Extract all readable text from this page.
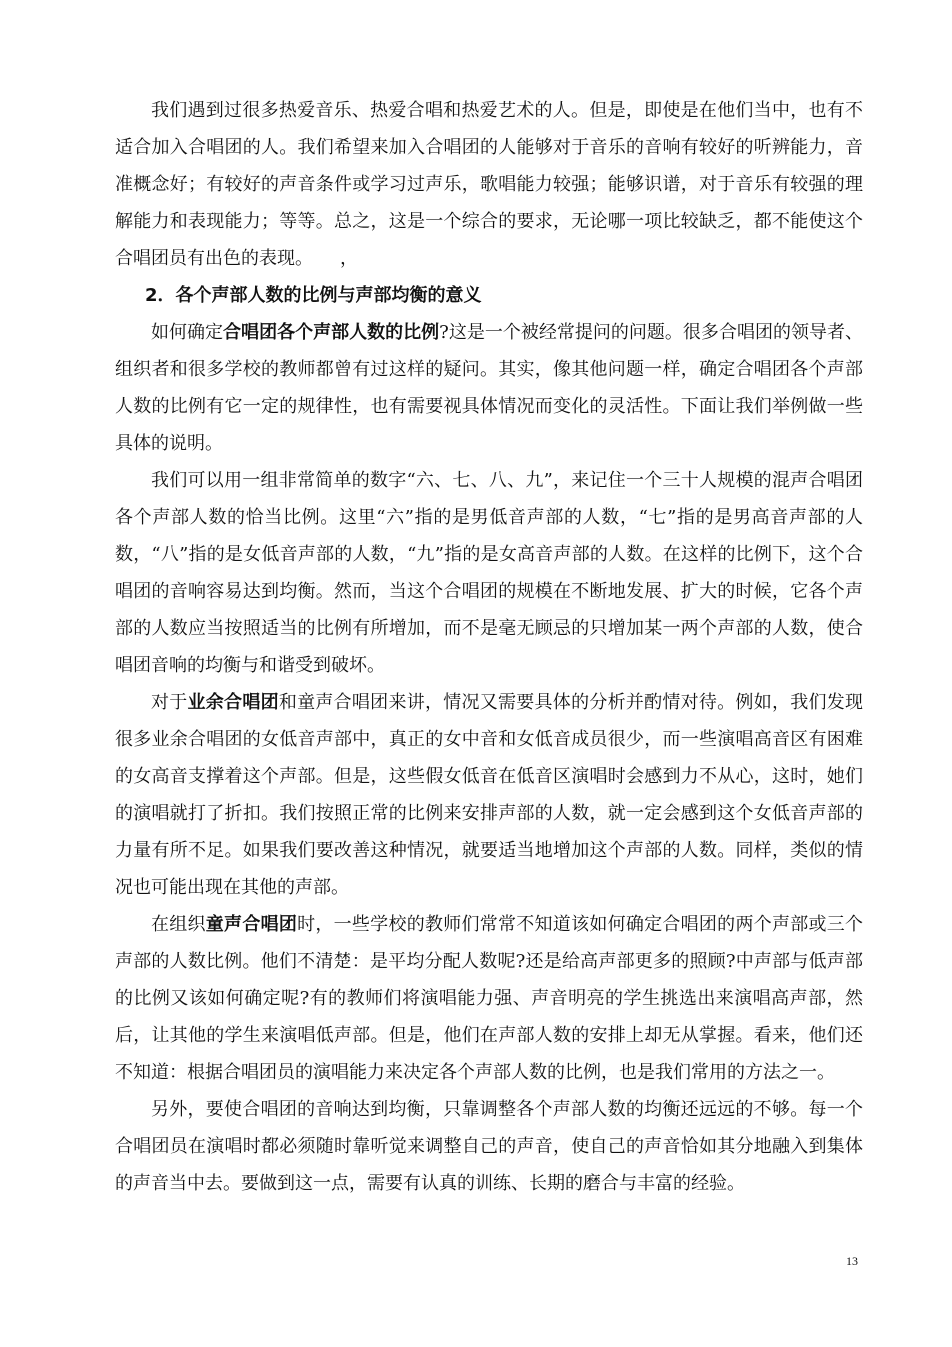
我们遇到过很多热爱音乐、热爱合唱和热爱艺术的人。但是，即使是在他们当中，也有不适合加入合唱团的人。我们希望来加入合唱团的人能够对于音乐的音响有较好的听辨能力，音准概念好；有较好的声音条件或学习过声乐，歌唱能力较强；能够识谱，对于音乐有较强的理解能力和表现能力；等等。总之，这是一个综合的要求，无论哪一项比较缺乏，都不能使这个合唱团员有出色的表现。　　，

2．各个声部人数的比例与声部均衡的意义

如何确定合唱团各个声部人数的比例?这是一个被经常提问的问题。很多合唱团的领导者、组织者和很多学校的教师都曾有过这样的疑问。其实，像其他问题一样，确定合唱团各个声部人数的比例有它一定的规律性，也有需要视具体情况而变化的灵活性。下面让我们举例做一些具体的说明。

我们可以用一组非常简单的数字“六、七、八、九”，来记住一个三十人规模的混声合唱团各个声部人数的恰当比例。这里“六”指的是男低音声部的人数，“七”指的是男高音声部的人数，“八”指的是女低音声部的人数，“九”指的是女高音声部的人数。在这样的比例下，这个合唱团的音响容易达到均衡。然而，当这个合唱团的规模在不断地发展、扩大的时候，它各个声部的人数应当按照适当的比例有所增加，而不是毫无顾忌的只增加某一两个声部的人数，使合唱团音响的均衡与和谐受到破坏。

对于业余合唱团和童声合唱团来讲，情况又需要具体的分析并酌情对待。例如，我们发现很多业余合唱团的女低音声部中，真正的女中音和女低音成员很少，而一些演唱高音区有困难的女高音支撑着这个声部。但是，这些假女低音在低音区演唱时会感到力不从心，这时，她们的演唱就打了折扣。我们按照正常的比例来安排声部的人数，就一定会感到这个女低音声部的力量有所不足。如果我们要改善这种情况，就要适当地增加这个声部的人数。同样，类似的情况也可能出现在其他的声部。

在组织童声合唱团时，一些学校的教师们常常不知道该如何确定合唱团的两个声部或三个声部的人数比例。他们不清楚：是平均分配人数呢?还是给高声部更多的照顾?中声部与低声部的比例又该如何确定呢?有的教师们将演唱能力强、声音明亮的学生挑选出来演唱高声部，然后，让其他的学生来演唱低声部。但是，他们在声部人数的安排上却无从掌握。看来，他们还不知道：根据合唱团员的演唱能力来决定各个声部人数的比例，也是我们常用的方法之一。

另外，要使合唱团的音响达到均衡，只靠调整各个声部人数的均衡还远远的不够。每一个合唱团员在演唱时都必须随时靠听觉来调整自己的声音，使自己的声音恰如其分地融入到集体的声音当中去。要做到这一点，需要有认真的训练、长期的磨合与丰富的经验。

13
